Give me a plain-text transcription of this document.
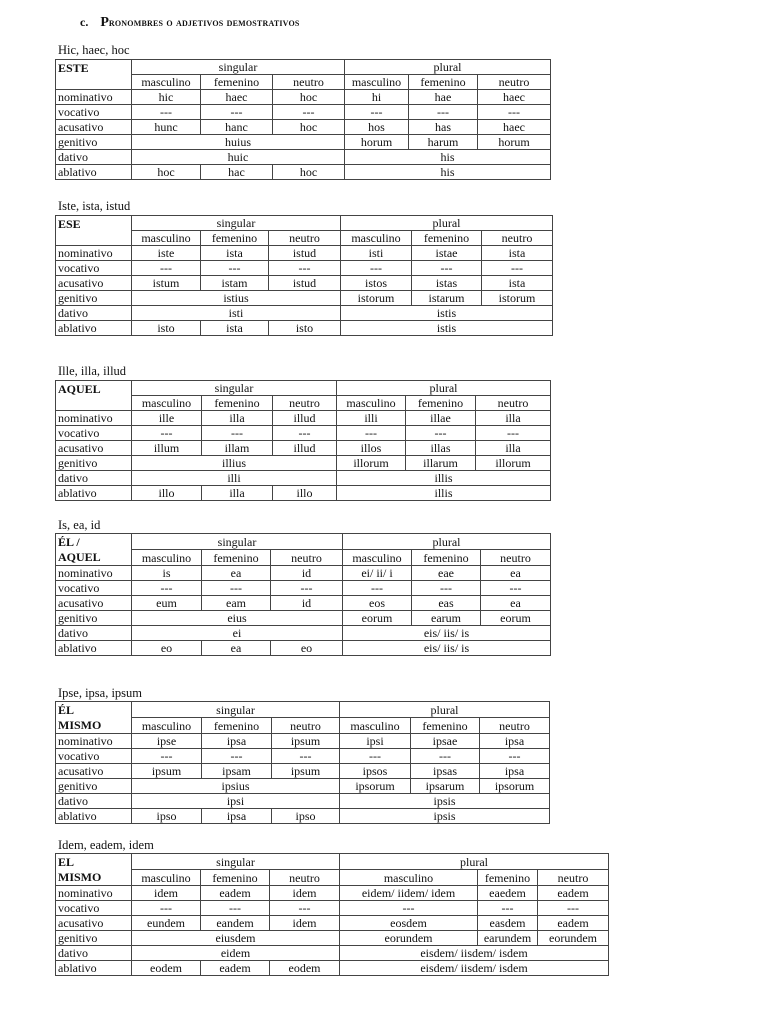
c. Pronombres o adjetivos demostrativos
Hic, haec, hoc
ESTE	singular			plural		
	masculino	femenino	neutro	masculino	femenino	neutro
nominativo	hic	haec	hoc	hi	hae	haec
vocativo	---	---	---	---	---	---
acusativo	hunc	hanc	hoc	hos	has	haec
genitivo	huius			horum	harum	horum
dativo	huic			his		
ablativo	hoc	hac	hoc	his		
Iste, ista, istud
ESE	singular			plural		
	masculino	femenino	neutro	masculino	femenino	neutro
nominativo	iste	ista	istud	isti	istae	ista
vocativo	---	---	---	---	---	---
acusativo	istum	istam	istud	istos	istas	ista
genitivo	istius			istorum	istarum	istorum
dativo	isti			istis		
ablativo	isto	ista	isto	istis		
Ille, illa, illud
AQUEL	singular			plural		
	masculino	femenino	neutro	masculino	femenino	neutro
nominativo	ille	illa	illud	illi	illae	illa
vocativo	---	---	---	---	---	---
acusativo	illum	illam	illud	illos	illas	illa
genitivo	illius			illorum	illarum	illorum
dativo	illi			illis		
ablativo	illo	illa	illo	illis		
Is, ea, id
ÉL /
AQUEL	singular			plural		
	masculino	femenino	neutro	masculino	femenino	neutro
nominativo	is	ea	id	ei/ ii/ i	eae	ea
vocativo	---	---	---	---	---	---
acusativo	eum	eam	id	eos	eas	ea
genitivo	eius			eorum	earum	eorum
dativo	ei			eis/ iis/ is		
ablativo	eo	ea	eo	eis/ iis/ is		
Ipse, ipsa, ipsum
ÉL
MISMO	singular			plural		
	masculino	femenino	neutro	masculino	femenino	neutro
nominativo	ipse	ipsa	ipsum	ipsi	ipsae	ipsa
vocativo	---	---	---	---	---	---
acusativo	ipsum	ipsam	ipsum	ipsos	ipsas	ipsa
genitivo	ipsius			ipsorum	ipsarum	ipsorum
dativo	ipsi			ipsis		
ablativo	ipso	ipsa	ipso	ipsis		
Idem, eadem, idem
EL
MISMO	singular			plural		
	masculino	femenino	neutro	masculino	femenino	neutro
nominativo	idem	eadem	idem	eidem/ iidem/ idem	eaedem	eadem
vocativo	---	---	---	---	---	---
acusativo	eundem	eandem	idem	eosdem	easdem	eadem
genitivo	eiusdem			eorundem	earundem	eorundem
dativo	eidem			eisdem/ iisdem/ isdem		
ablativo	eodem	eadem	eodem	eisdem/ iisdem/ isdem		
